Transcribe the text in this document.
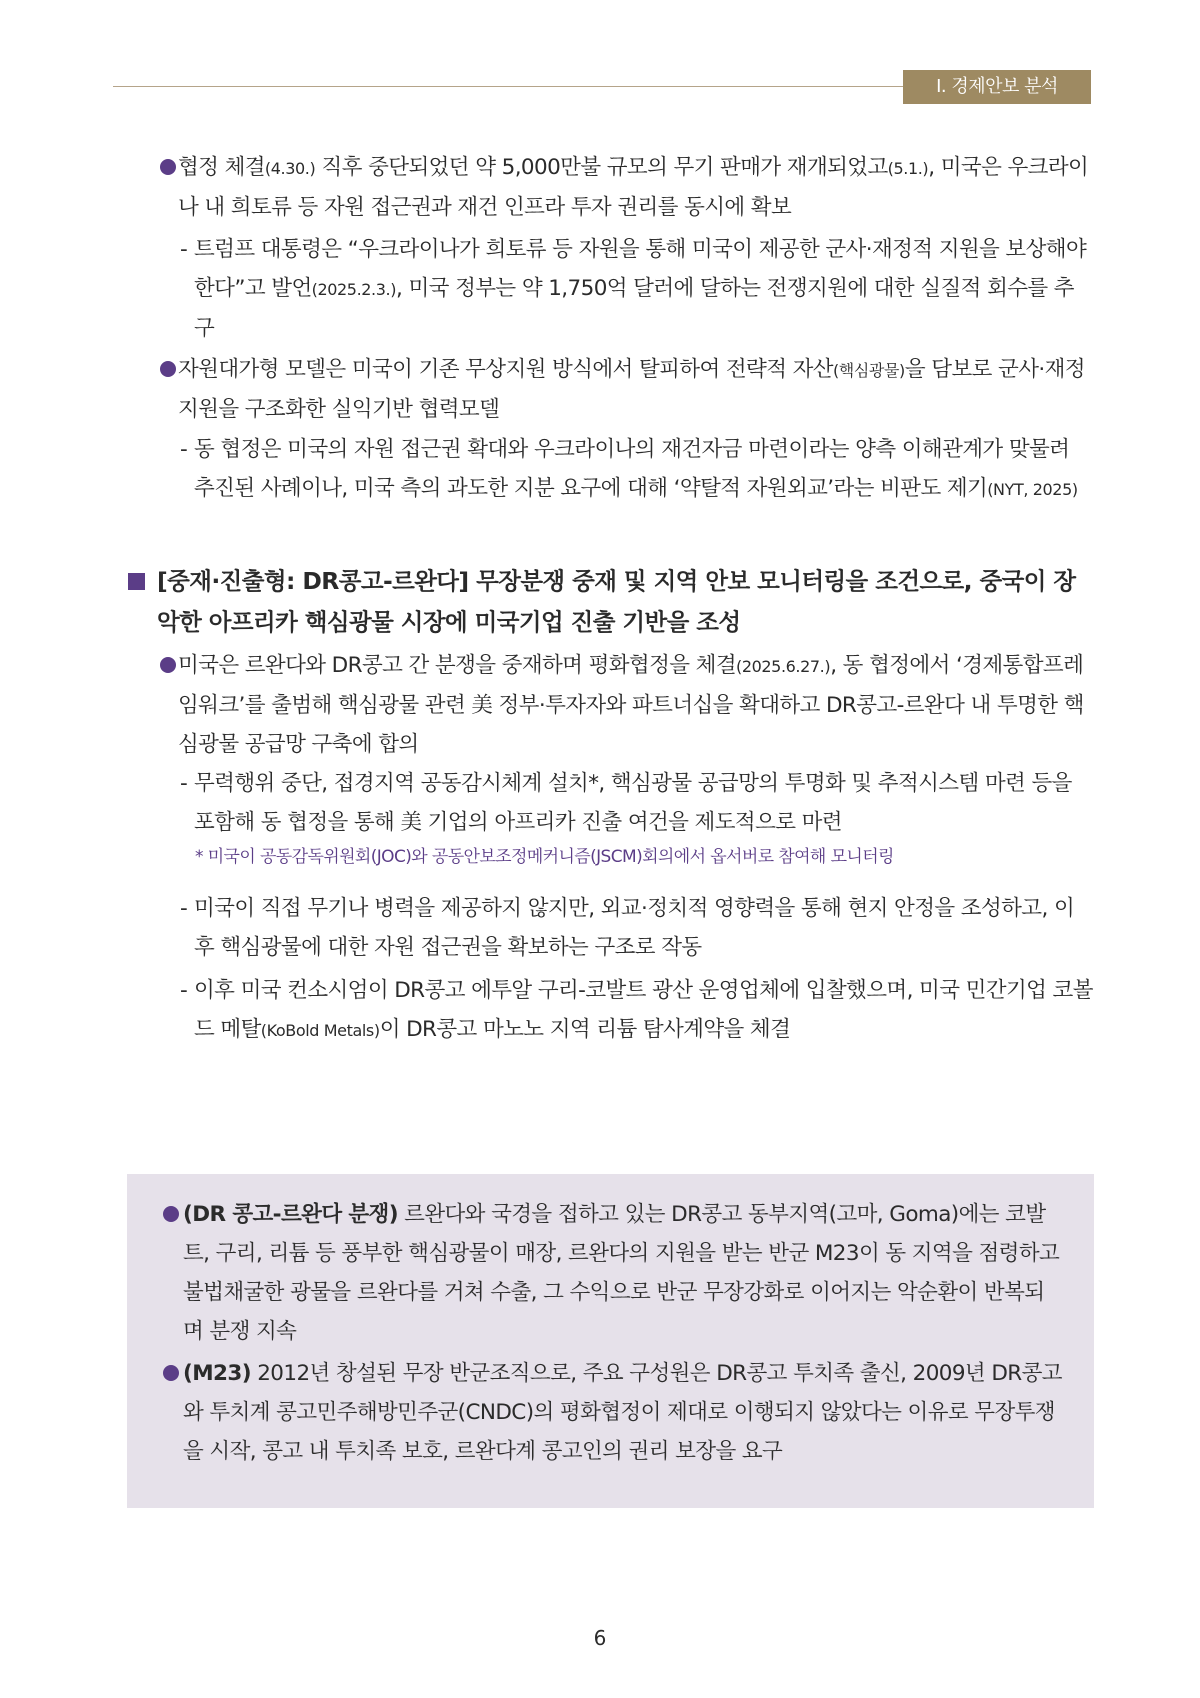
Ⅰ. 경제안보 분석
협정 체결(4.30.) 직후 중단되었던 약 5,000만불 규모의 무기 판매가 재개되었고(5.1.), 미국은 우크라이나 내 희토류 등 자원 접근권과 재건 인프라 투자 권리를 동시에 확보
- 트럼프 대통령은 “우크라이나가 희토류 등 자원을 통해 미국이 제공한 군사·재정적 지원을 보상해야 한다”고 발언(2025.2.3.), 미국 정부는 약 1,750억 달러에 달하는 전쟁지원에 대한 실질적 회수를 추구
자원대가형 모델은 미국이 기존 무상지원 방식에서 탈피하여 전략적 자산(핵심광물)을 담보로 군사·재정지원을 구조화한 실익기반 협력모델
- 동 협정은 미국의 자원 접근권 확대와 우크라이나의 재건자금 마련이라는 양측 이해관계가 맞물려 추진된 사례이나, 미국 측의 과도한 지분 요구에 대해 ‘약탈적 자원외교’라는 비판도 제기(NYT, 2025)
[중재·진출형: DR콩고-르완다] 무장분쟁 중재 및 지역 안보 모니터링을 조건으로, 중국이 장악한 아프리카 핵심광물 시장에 미국기업 진출 기반을 조성
미국은 르완다와 DR콩고 간 분쟁을 중재하며 평화협정을 체결(2025.6.27.), 동 협정에서 ‘경제통합프레임워크’를 출범해 핵심광물 관련 美 정부·투자자와 파트너십을 확대하고 DR콩고-르완다 내 투명한 핵심광물 공급망 구축에 합의
- 무력행위 중단, 접경지역 공동감시체계 설치*, 핵심광물 공급망의 투명화 및 추적시스템 마련 등을 포함해 동 협정을 통해 美 기업의 아프리카 진출 여건을 제도적으로 마련
* 미국이 공동감독위원회(JOC)와 공동안보조정메커니즘(JSCM)회의에서 옵서버로 참여해 모니터링
- 미국이 직접 무기나 병력을 제공하지 않지만, 외교·정치적 영향력을 통해 현지 안정을 조성하고, 이후 핵심광물에 대한 자원 접근권을 확보하는 구조로 작동
- 이후 미국 컨소시엄이 DR콩고 에투알 구리-코발트 광산 운영업체에 입찰했으며, 미국 민간기업 코볼드 메탈(KoBold Metals)이 DR콩고 마노노 지역 리튬 탐사계약을 체결
(DR 콩고-르완다 분쟁) 르완다와 국경을 접하고 있는 DR콩고 동부지역(고마, Goma)에는 코발트, 구리, 리튬 등 풍부한 핵심광물이 매장, 르완다의 지원을 받는 반군 M23이 동 지역을 점령하고 불법채굴한 광물을 르완다를 거쳐 수출, 그 수익으로 반군 무장강화로 이어지는 악순환이 반복되며 분쟁 지속
(M23) 2012년 창설된 무장 반군조직으로, 주요 구성원은 DR콩고 투치족 출신, 2009년 DR콩고와 투치계 콩고민주해방민주군(CNDC)의 평화협정이 제대로 이행되지 않았다는 이유로 무장투쟁을 시작, 콩고 내 투치족 보호, 르완다계 콩고인의 권리 보장을 요구
6
